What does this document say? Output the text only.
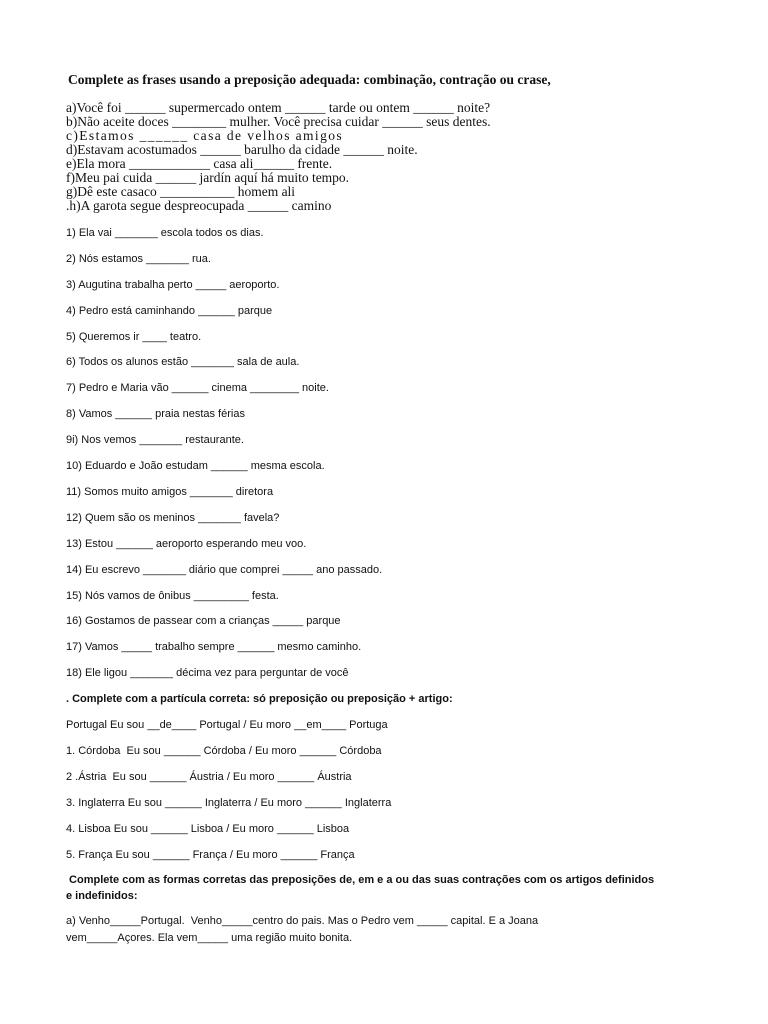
Complete as frases usando a preposição adequada: combinação, contração ou crase,
a)Você foi ______ supermercado ontem ______ tarde ou ontem ______ noite?
b)Não aceite doces ________ mulher. Você precisa cuidar ______ seus dentes.
c)Estamos ______ casa de velhos amigos
d)Estavam acostumados ______ barulho da cidade ______ noite.
e)Ela mora ____________ casa ali______ frente.
f)Meu pai cuida ______ jardín aquí há muito tempo.
g)Dê este casaco ___________ homem ali
.h)A garota segue despreocupada ______ camino
1) Ela vai _______ escola todos os dias.
2) Nós estamos _______ rua.
3) Augutina trabalha perto _____ aeroporto.
4) Pedro está caminhando ______ parque
5) Queremos ir ____ teatro.
6) Todos os alunos estão _______ sala de aula.
7) Pedro e Maria vão ______ cinema ________ noite.
8) Vamos ______ praia nestas férias
9i) Nos vemos _______ restaurante.
10) Eduardo e João estudam ______ mesma escola.
11) Somos muito amigos _______ diretora
12) Quem são os meninos _______ favela?
13) Estou ______ aeroporto esperando meu voo.
14) Eu escrevo _______ diário que comprei _____ ano passado.
15) Nós vamos de ônibus _________ festa.
16) Gostamos de passear com a crianças _____ parque
17) Vamos _____ trabalho sempre ______ mesmo caminho.
18) Ele ligou _______ décima vez para perguntar de você
. Complete com a partícula correta: só preposição ou preposição + artigo:
Portugal Eu sou __de____ Portugal / Eu moro __em____ Portuga
1. Córdoba  Eu sou ______ Córdoba / Eu moro ______ Córdoba
2 .Ástria  Eu sou ______ Áustria / Eu moro ______ Áustria
3. Inglaterra Eu sou ______ Inglaterra / Eu moro ______ Inglaterra
4. Lisboa Eu sou ______ Lisboa / Eu moro ______ Lisboa
5. França Eu sou ______ França / Eu moro ______ França
Complete com as formas corretas das preposições de, em e a ou das suas contrações com os artigos definidos
e indefinidos:
a) Venho_____Portugal.  Venho_____centro do pais. Mas o Pedro vem _____ capital. E a Joana
vem_____Açores. Ela vem_____ uma região muito bonita.
